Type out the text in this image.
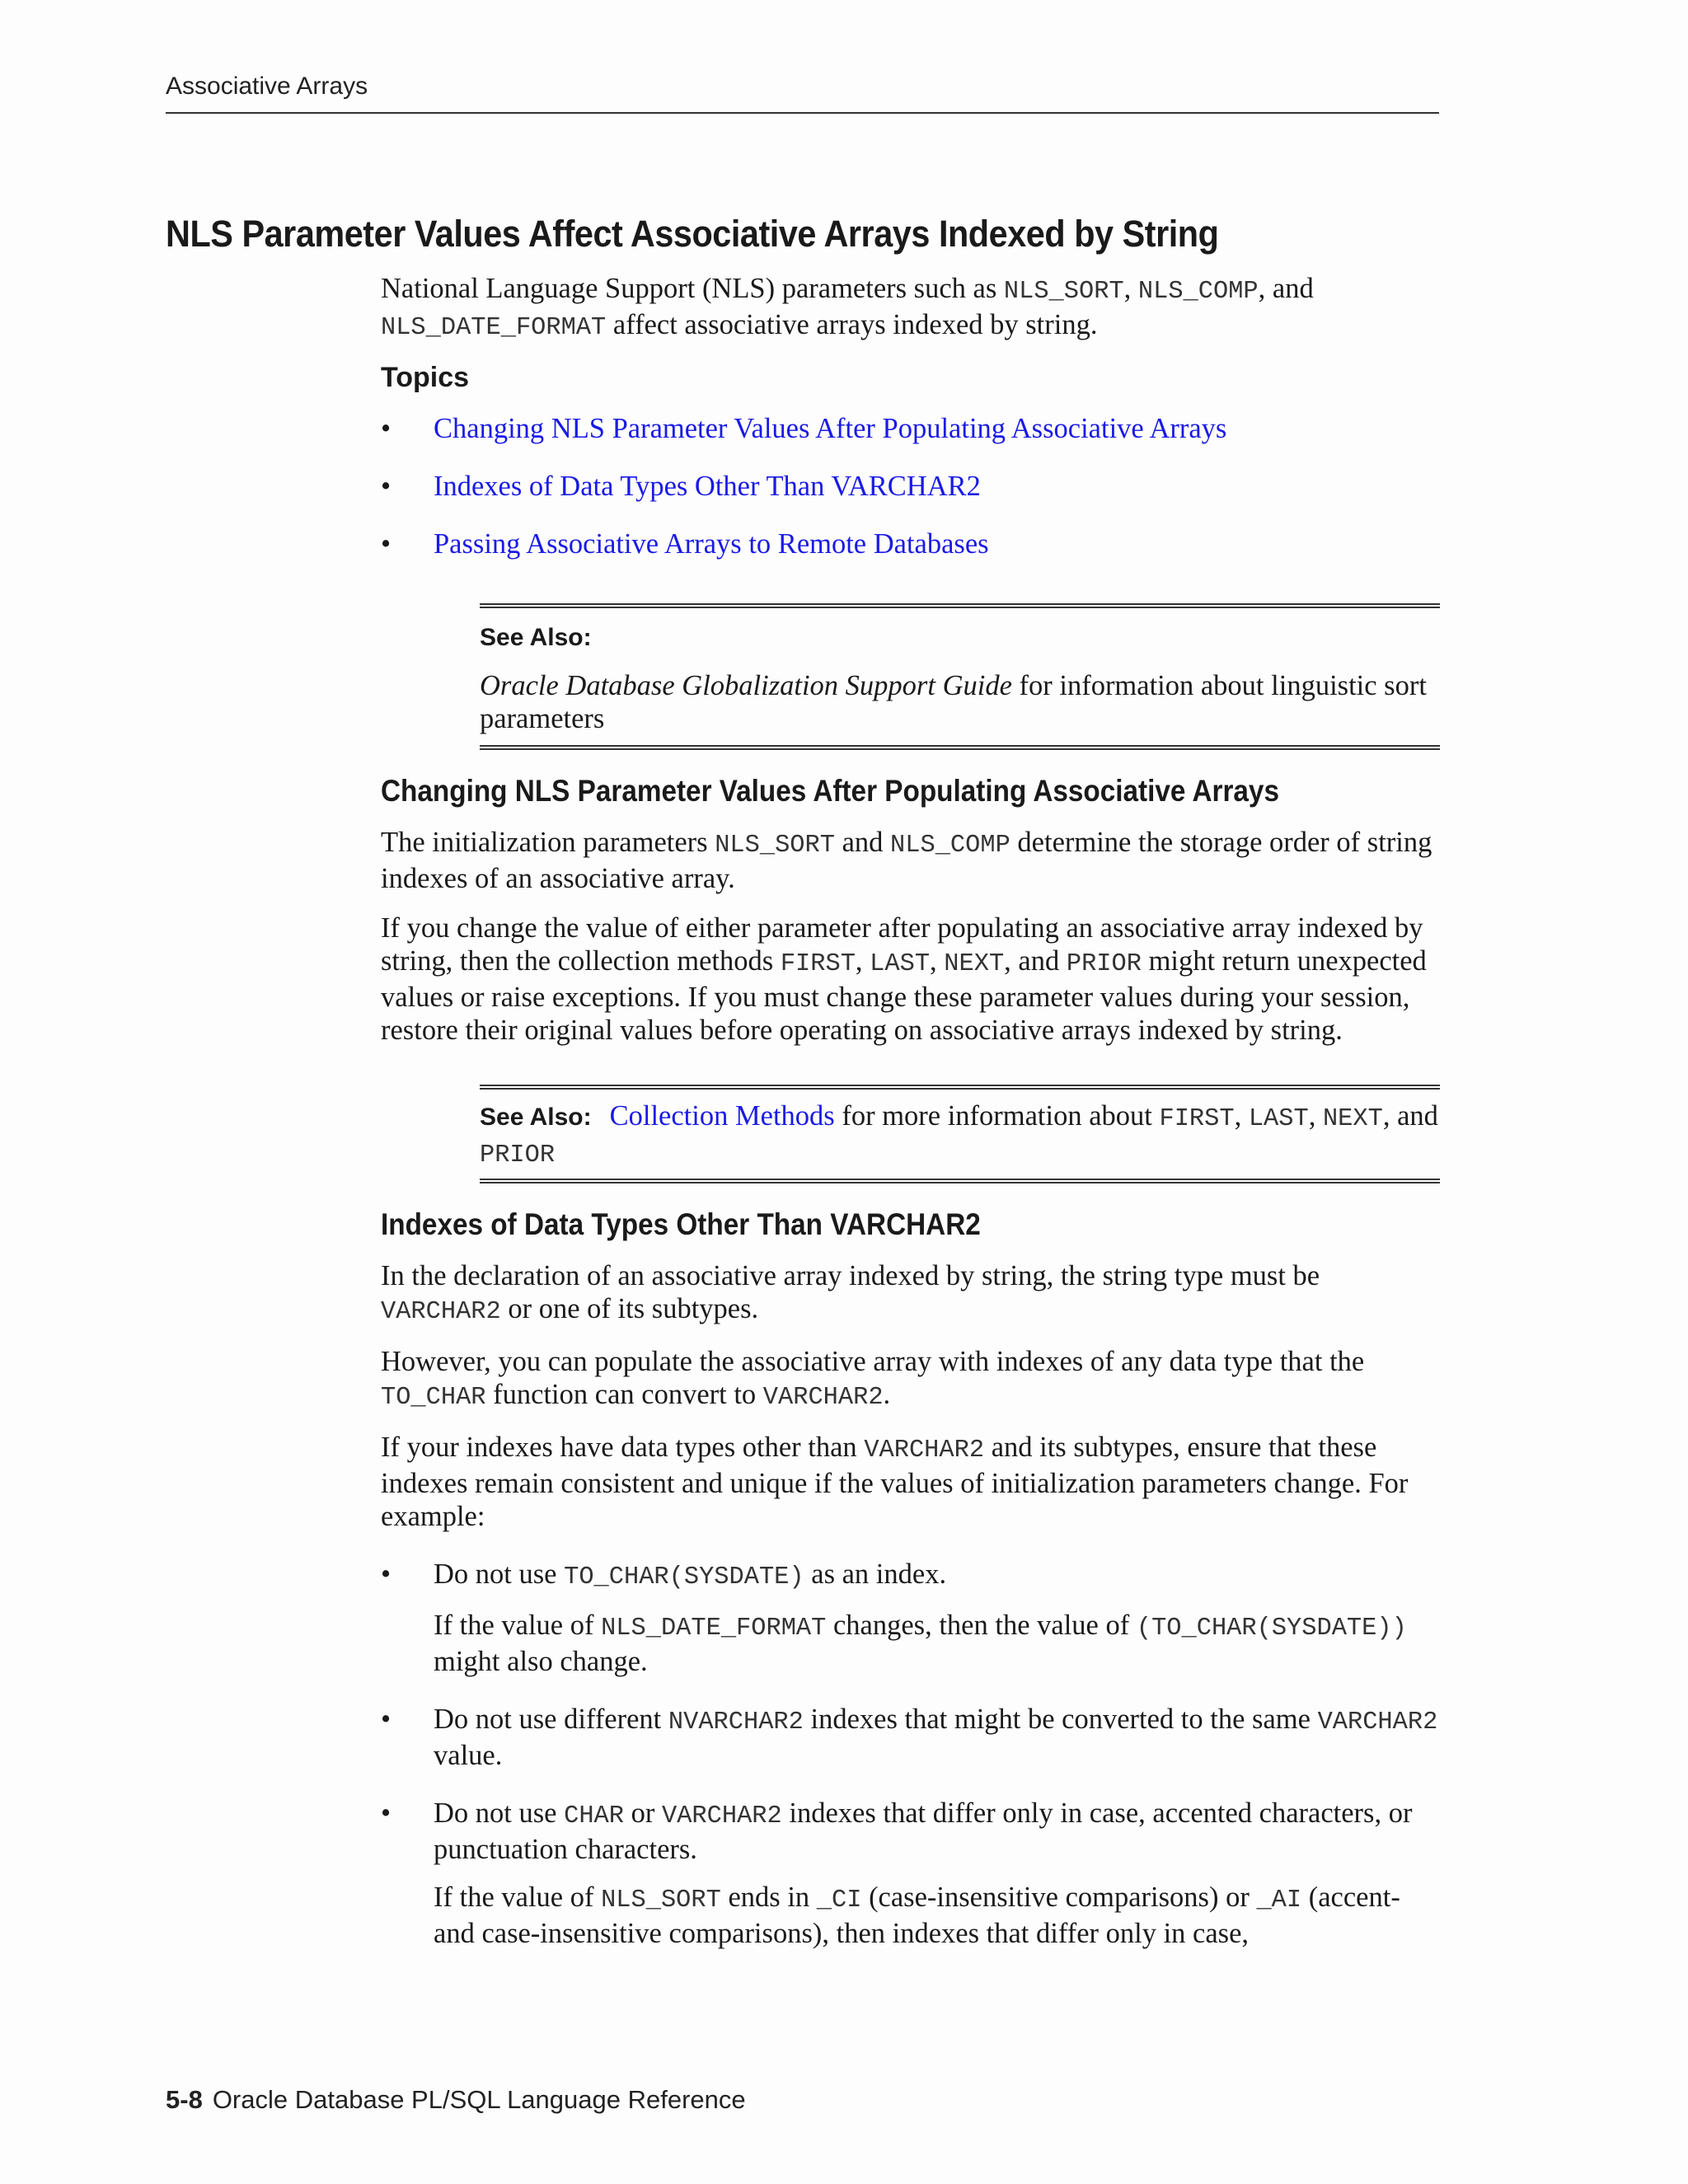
Associative Arrays
NLS Parameter Values Affect Associative Arrays Indexed by String

National Language Support (NLS) parameters such as NLS_SORT, NLS_COMP, and NLS_DATE_FORMAT affect associative arrays indexed by string.

Topics
• Changing NLS Parameter Values After Populating Associative Arrays
• Indexes of Data Types Other Than VARCHAR2
• Passing Associative Arrays to Remote Databases
See Also:
Oracle Database Globalization Support Guide for information about linguistic sort parameters
Changing NLS Parameter Values After Populating Associative Arrays

The initialization parameters NLS_SORT and NLS_COMP determine the storage order of string indexes of an associative array.

If you change the value of either parameter after populating an associative array indexed by string, then the collection methods FIRST, LAST, NEXT, and PRIOR might return unexpected values or raise exceptions. If you must change these parameter values during your session, restore their original values before operating on associative arrays indexed by string.

See Also: Collection Methods for more information about FIRST, LAST, NEXT, and PRIOR
Indexes of Data Types Other Than VARCHAR2

In the declaration of an associative array indexed by string, the string type must be VARCHAR2 or one of its subtypes.

However, you can populate the associative array with indexes of any data type that the TO_CHAR function can convert to VARCHAR2.

If your indexes have data types other than VARCHAR2 and its subtypes, ensure that these indexes remain consistent and unique if the values of initialization parameters change. For example:

• Do not use TO_CHAR(SYSDATE) as an index.
If the value of NLS_DATE_FORMAT changes, then the value of (TO_CHAR(SYSDATE)) might also change.
• Do not use different NVARCHAR2 indexes that might be converted to the same VARCHAR2 value.
• Do not use CHAR or VARCHAR2 indexes that differ only in case, accented characters, or punctuation characters.
If the value of NLS_SORT ends in _CI (case-insensitive comparisons) or _AI (accent- and case-insensitive comparisons), then indexes that differ only in case,
5-8 Oracle Database PL/SQL Language Reference
